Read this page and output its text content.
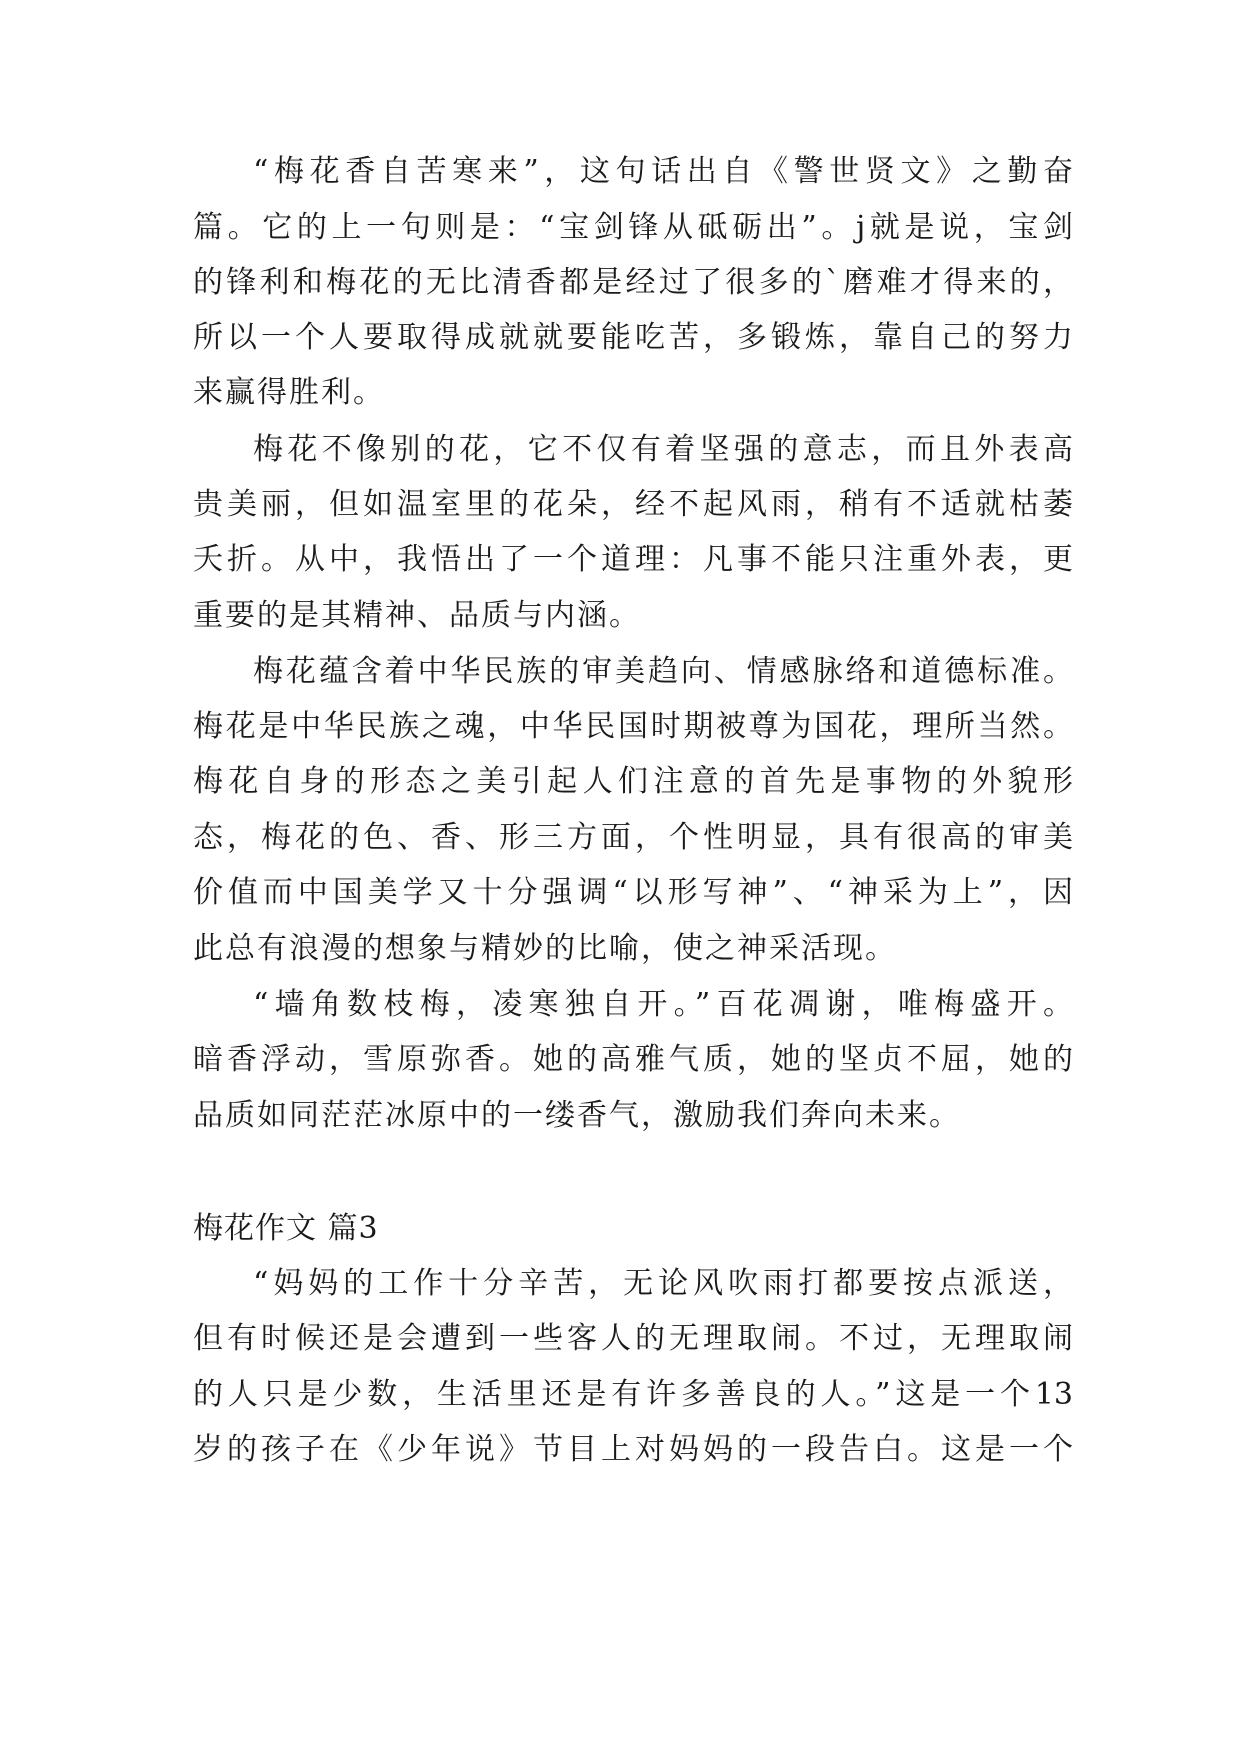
“梅花香自苦寒来”，这句话出自《警世贤文》之勤奋
篇。它的上一句则是：“宝剑锋从砥砺出”。j就是说，宝剑
的锋利和梅花的无比清香都是经过了很多的`磨难才得来的，
所以一个人要取得成就就要能吃苦，多锻炼，靠自己的努力
来赢得胜利。
梅花不像别的花，它不仅有着坚强的意志，而且外表高
贵美丽，但如温室里的花朵，经不起风雨，稍有不适就枯萎
夭折。从中，我悟出了一个道理：凡事不能只注重外表，更
重要的是其精神、品质与内涵。
梅花蕴含着中华民族的审美趋向、情感脉络和道德标准。
梅花是中华民族之魂，中华民国时期被尊为国花，理所当然。
梅花自身的形态之美引起人们注意的首先是事物的外貌形
态，梅花的色、香、形三方面，个性明显，具有很高的审美
价值而中国美学又十分强调“以形写神”、“神采为上”，因
此总有浪漫的想象与精妙的比喻，使之神采活现。
“墙角数枝梅，凌寒独自开。”百花凋谢，唯梅盛开。
暗香浮动，雪原弥香。她的高雅气质，她的坚贞不屈，她的
品质如同茫茫冰原中的一缕香气，激励我们奔向未来。
梅花作文 篇3
“妈妈的工作十分辛苦，无论风吹雨打都要按点派送，
但有时候还是会遭到一些客人的无理取闹。不过，无理取闹
的人只是少数，生活里还是有许多善良的人。”这是一个13
岁的孩子在《少年说》节目上对妈妈的一段告白。这是一个
